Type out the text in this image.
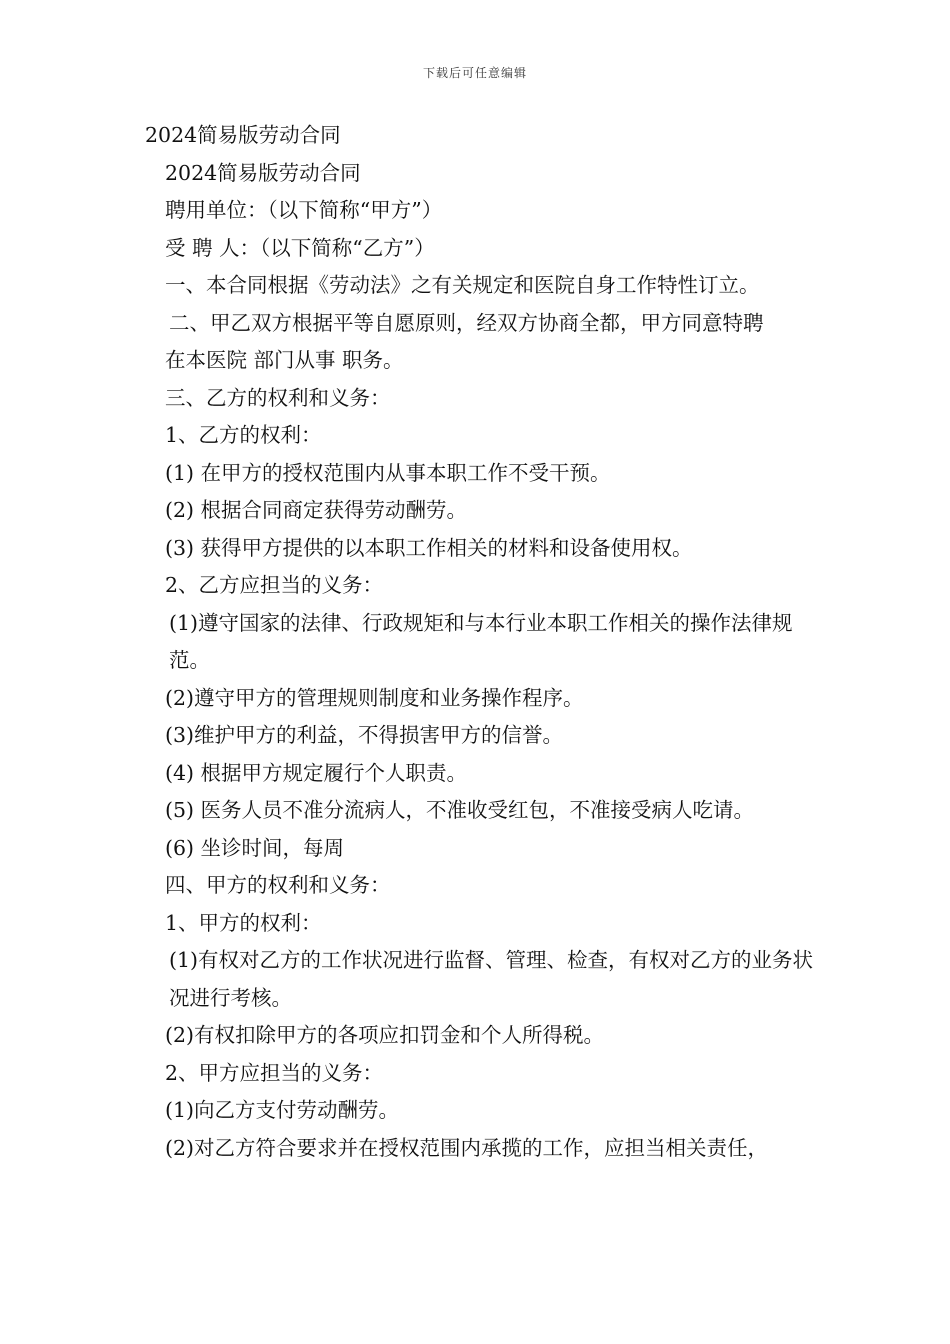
下载后可任意编辑
2024简易版劳动合同
2024简易版劳动合同
聘用单位：（以下简称“甲方”）
受 聘 人：（以下简称“乙方”）
一、本合同根据《劳动法》之有关规定和医院自身工作特性订立。
二、甲乙双方根据平等自愿原则，经双方协商全都，甲方同意特聘
在本医院 部门从事 职务。
三、乙方的权利和义务：
1、乙方的权利：
(1) 在甲方的授权范围内从事本职工作不受干预。
(2) 根据合同商定获得劳动酬劳。
(3) 获得甲方提供的以本职工作相关的材料和设备使用权。
2、乙方应担当的义务：
(1)遵守国家的法律、行政规矩和与本行业本职工作相关的操作法律规范。
(2)遵守甲方的管理规则制度和业务操作程序。
(3)维护甲方的利益，不得损害甲方的信誉。
(4) 根据甲方规定履行个人职责。
(5) 医务人员不准分流病人，不准收受红包，不准接受病人吃请。
(6) 坐诊时间，每周
四、甲方的权利和义务：
1、甲方的权利：
(1)有权对乙方的工作状况进行监督、管理、检查，有权对乙方的业务状况进行考核。
(2)有权扣除甲方的各项应扣罚金和个人所得税。
2、甲方应担当的义务：
(1)向乙方支付劳动酬劳。
(2)对乙方符合要求并在授权范围内承揽的工作，应担当相关责任，
